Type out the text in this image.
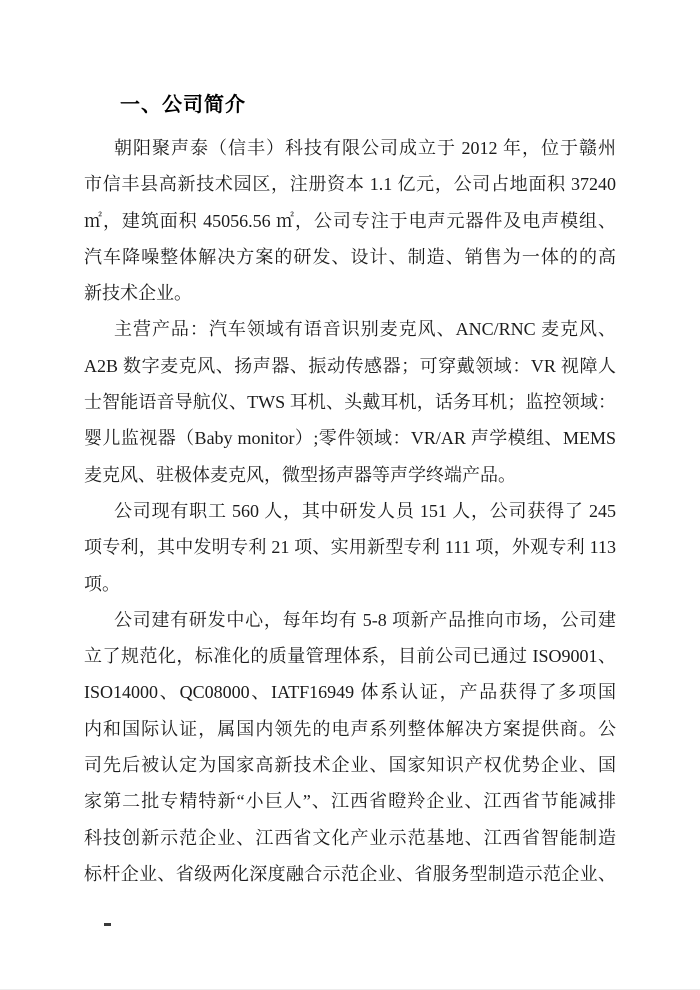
一、公司简介

朝阳聚声泰（信丰）科技有限公司成立于 2012 年，位于赣州

市信丰县高新技术园区，注册资本 1.1 亿元，公司占地面积 37240

㎡，建筑面积 45056.56 ㎡，公司专注于电声元器件及电声模组、

汽车降噪整体解决方案的研发、设计、制造、销售为一体的的高

新技术企业。

主营产品：汽车领域有语音识别麦克风、ANC/RNC 麦克风、

A2B 数字麦克风、扬声器、振动传感器；可穿戴领域：VR 视障人

士智能语音导航仪、TWS 耳机、头戴耳机，话务耳机；监控领域：

婴儿监视器（Baby monitor）;零件领域：VR/AR 声学模组、MEMS

麦克风、驻极体麦克风，微型扬声器等声学终端产品。

公司现有职工 560 人，其中研发人员 151 人，公司获得了 245

项专利，其中发明专利 21 项、实用新型专利 111 项，外观专利 113

项。

公司建有研发中心，每年均有 5-8 项新产品推向市场，公司建

立了规范化，标准化的质量管理体系，目前公司已通过 ISO9001、

ISO14000、QC08000、IATF16949 体系认证，产品获得了多项国

内和国际认证，属国内领先的电声系列整体解决方案提供商。公

司先后被认定为国家高新技术企业、国家知识产权优势企业、国

家第二批专精特新“小巨人”、江西省瞪羚企业、江西省节能减排

科技创新示范企业、江西省文化产业示范基地、江西省智能制造

标杆企业、省级两化深度融合示范企业、省服务型制造示范企业、
